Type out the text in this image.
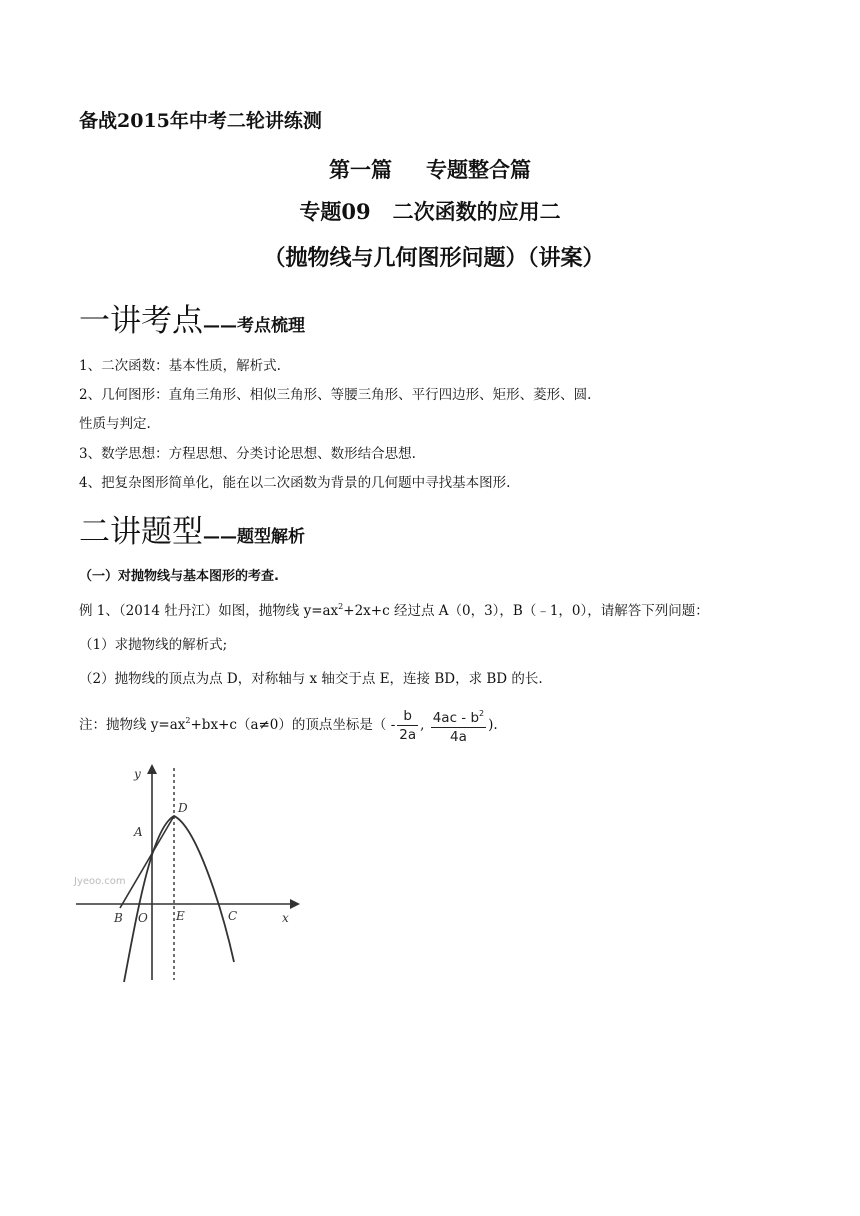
备战2015年中考二轮讲练测
第一篇 专题整合篇
专题09 二次函数的应用二
（抛物线与几何图形问题）（讲案）
一讲考点——考点梳理
1、二次函数：基本性质，解析式.
2、几何图形：直角三角形、相似三角形、等腰三角形、平行四边形、矩形、菱形、圆.
性质与判定.
3、数学思想：方程思想、分类讨论思想、数形结合思想.
4、把复杂图形简单化，能在以二次函数为背景的几何题中寻找基本图形.
二讲题型——题型解析
（一）对抛物线与基本图形的考查.
例 1、（2014 牡丹江）如图，抛物线 $y=ax^2+2x+c$ 经过点 A（0，3），B（﹣1，0），请解答下列问题：
（1）求抛物线的解析式;
（2）抛物线的顶点为点 D，对称轴与 x 轴交于点 E，连接 BD，求 BD 的长.
注：抛物线 $y=ax^2+bx+c(a\ne 0)$的顶点坐标是（ - $\frac{b}{2a}$ , $\frac{4ac - b^2}{4a}$ ).
Jyeoo.com
y
x
D
A
B O E	C
